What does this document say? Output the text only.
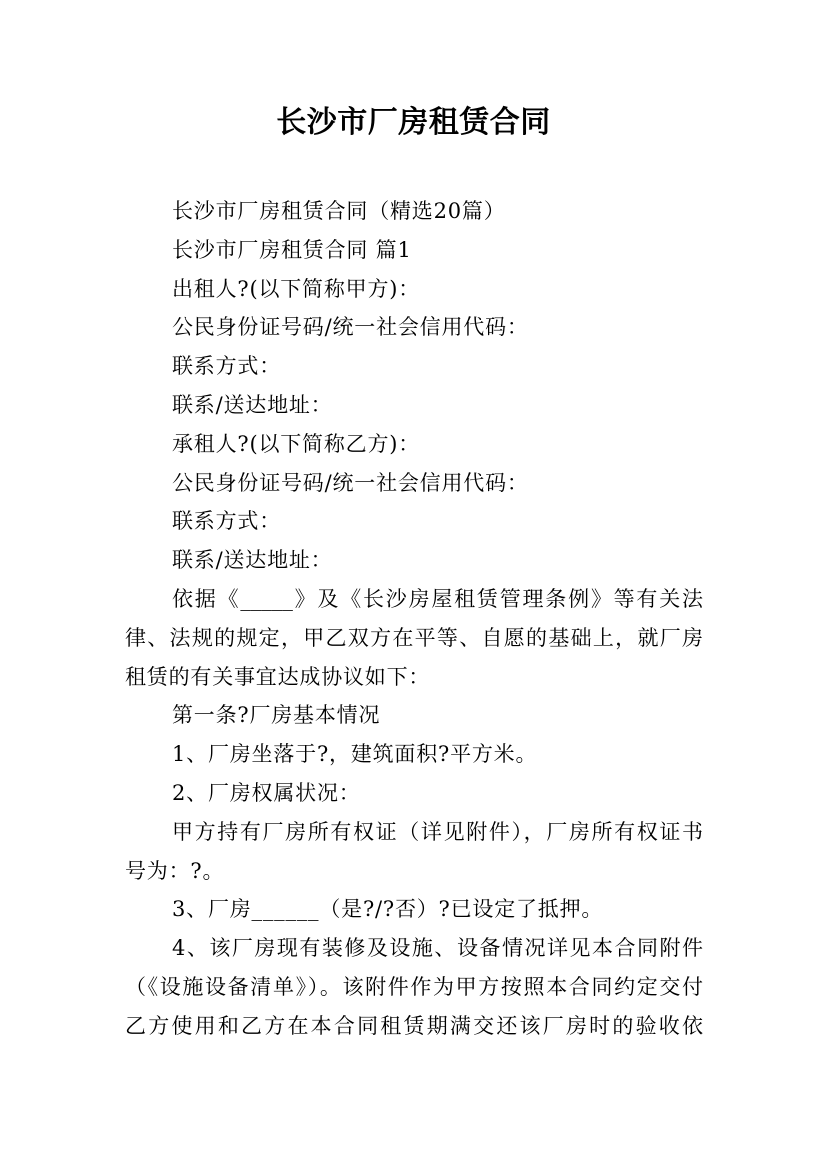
长沙市厂房租赁合同
长沙市厂房租赁合同（精选20篇）
长沙市厂房租赁合同 篇1
出租人?(以下简称甲方)：
公民身份证号码/统一社会信用代码：
联系方式：
联系/送达地址：
承租人?(以下简称乙方)：
公民身份证号码/统一社会信用代码：
联系方式：
联系/送达地址：
依据《_____》及《长沙房屋租赁管理条例》等有关法
律、法规的规定，甲乙双方在平等、自愿的基础上，就厂房
租赁的有关事宜达成协议如下：
第一条?厂房基本情况
1、厂房坐落于?，建筑面积?平方米。
2、厂房权属状况：
甲方持有厂房所有权证（详见附件），厂房所有权证书
号为：?。
3、厂房______（是?/?否）?已设定了抵押。
4、该厂房现有装修及设施、设备情况详见本合同附件
（《设施设备清单》）。该附件作为甲方按照本合同约定交付
乙方使用和乙方在本合同租赁期满交还该厂房时的验收依
